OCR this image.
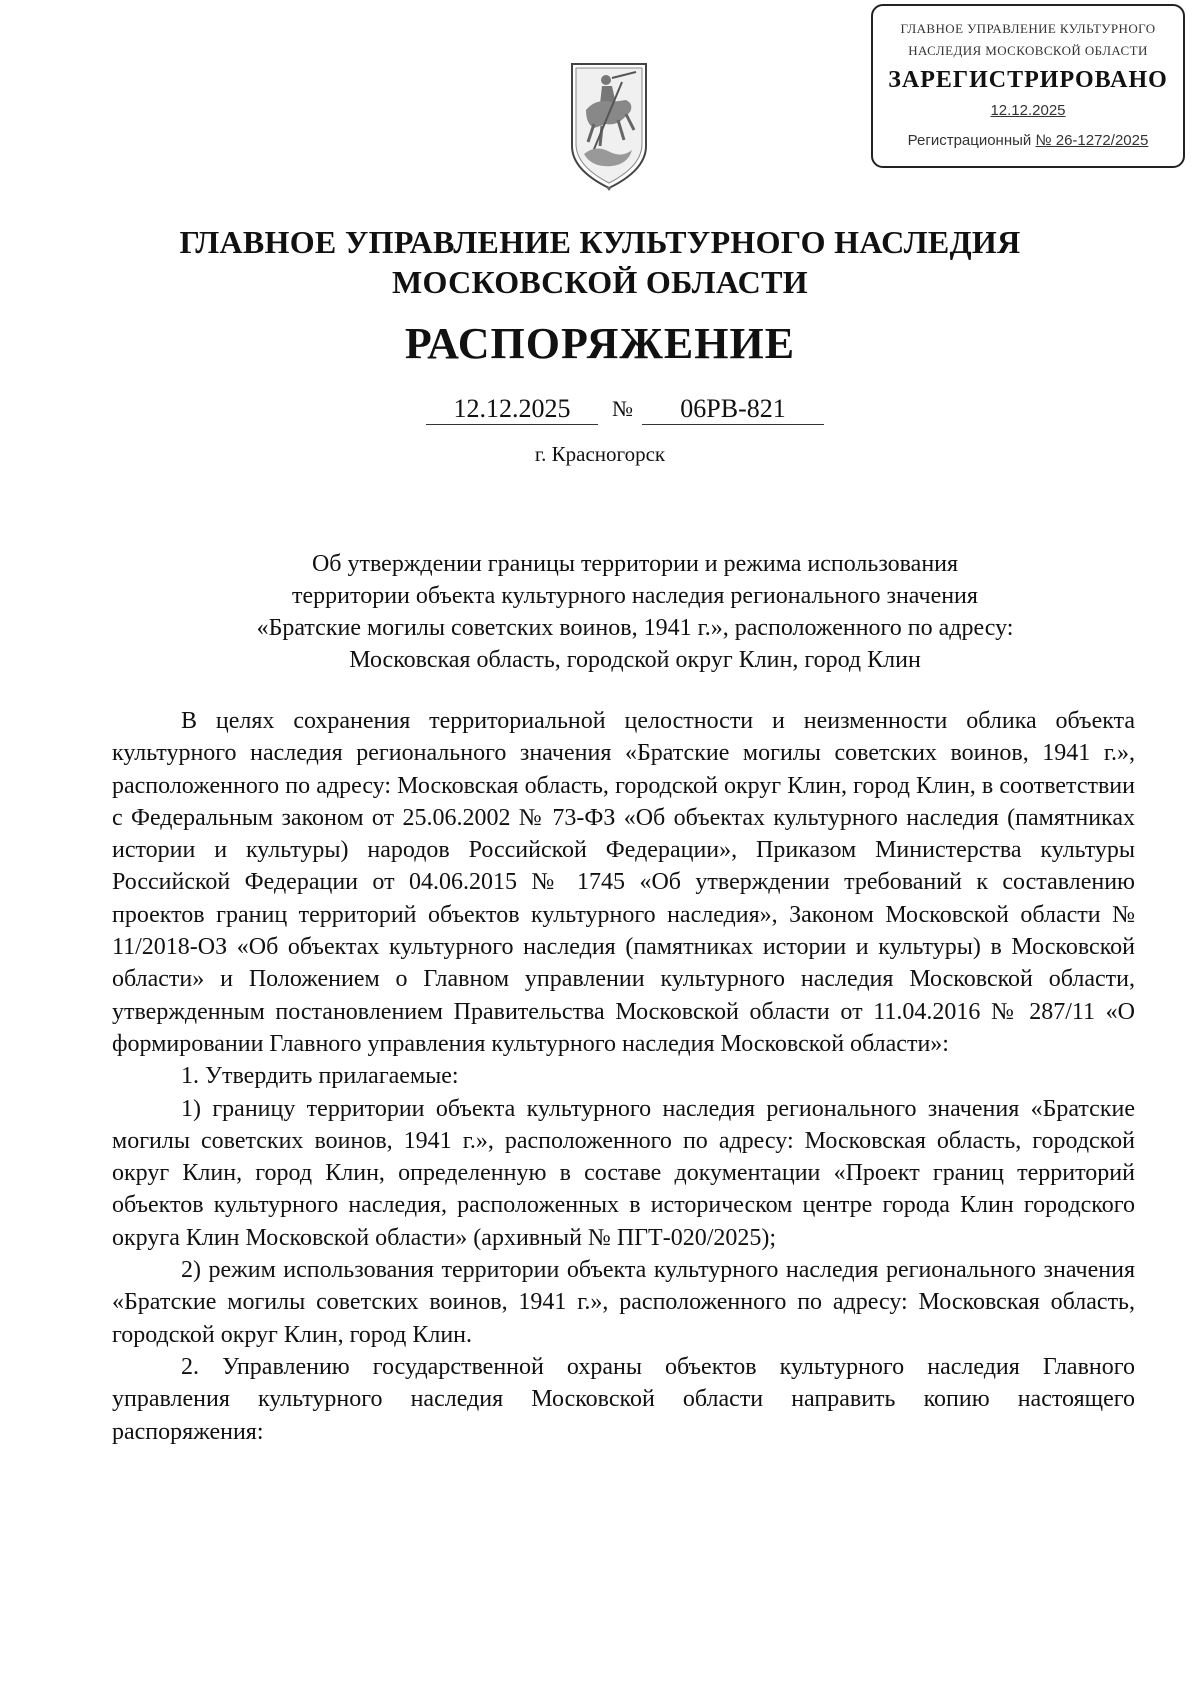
ГЛАВНОЕ УПРАВЛЕНИЕ КУЛЬТУРНОГО
НАСЛЕДИЯ МОСКОВСКОЙ ОБЛАСТИ
ЗАРЕГИСТРИРОВАНО
12.12.2025
Регистрационный № 26-1272/2025
ГЛАВНОЕ УПРАВЛЕНИЕ КУЛЬТУРНОГО НАСЛЕДИЯ
МОСКОВСКОЙ ОБЛАСТИ
РАСПОРЯЖЕНИЕ
12.12.2025	№	06РВ-821
г. Красногорск
Об утверждении границы территории и режима использования
территории объекта культурного наследия регионального значения
«Братские могилы советских воинов, 1941 г.», расположенного по адресу:
Московская область, городской округ Клин, город Клин

В целях сохранения территориальной целостности и неизменности облика объекта культурного наследия регионального значения «Братские могилы советских воинов, 1941 г.», расположенного по адресу: Московская область, городской округ Клин, город Клин, в соответствии с Федеральным законом от 25.06.2002 № 73-ФЗ «Об объектах культурного наследия (памятниках истории и культуры) народов Российской Федерации», Приказом Министерства культуры Российской Федерации от 04.06.2015 № 1745 «Об утверждении требований к составлению проектов границ территорий объектов культурного наследия», Законом Московской области № 11/2018-ОЗ «Об объектах культурного наследия (памятниках истории и культуры) в Московской области» и Положением о Главном управлении культурного наследия Московской области, утвержденным постановлением Правительства Московской области от 11.04.2016 № 287/11 «О формировании Главного управления культурного наследия Московской области»:

1. Утвердить прилагаемые:

1) границу территории объекта культурного наследия регионального значения «Братские могилы советских воинов, 1941 г.», расположенного по адресу: Московская область, городской округ Клин, город Клин, определенную в составе документации «Проект границ территорий объектов культурного наследия, расположенных в историческом центре города Клин городского округа Клин Московской области» (архивный № ПГТ-020/2025);

2) режим использования территории объекта культурного наследия регионального значения «Братские могилы советских воинов, 1941 г.», расположенного по адресу: Московская область, городской округ Клин, город Клин.

2. Управлению государственной охраны объектов культурного наследия Главного управления культурного наследия Московской области направить копию настоящего распоряжения:
